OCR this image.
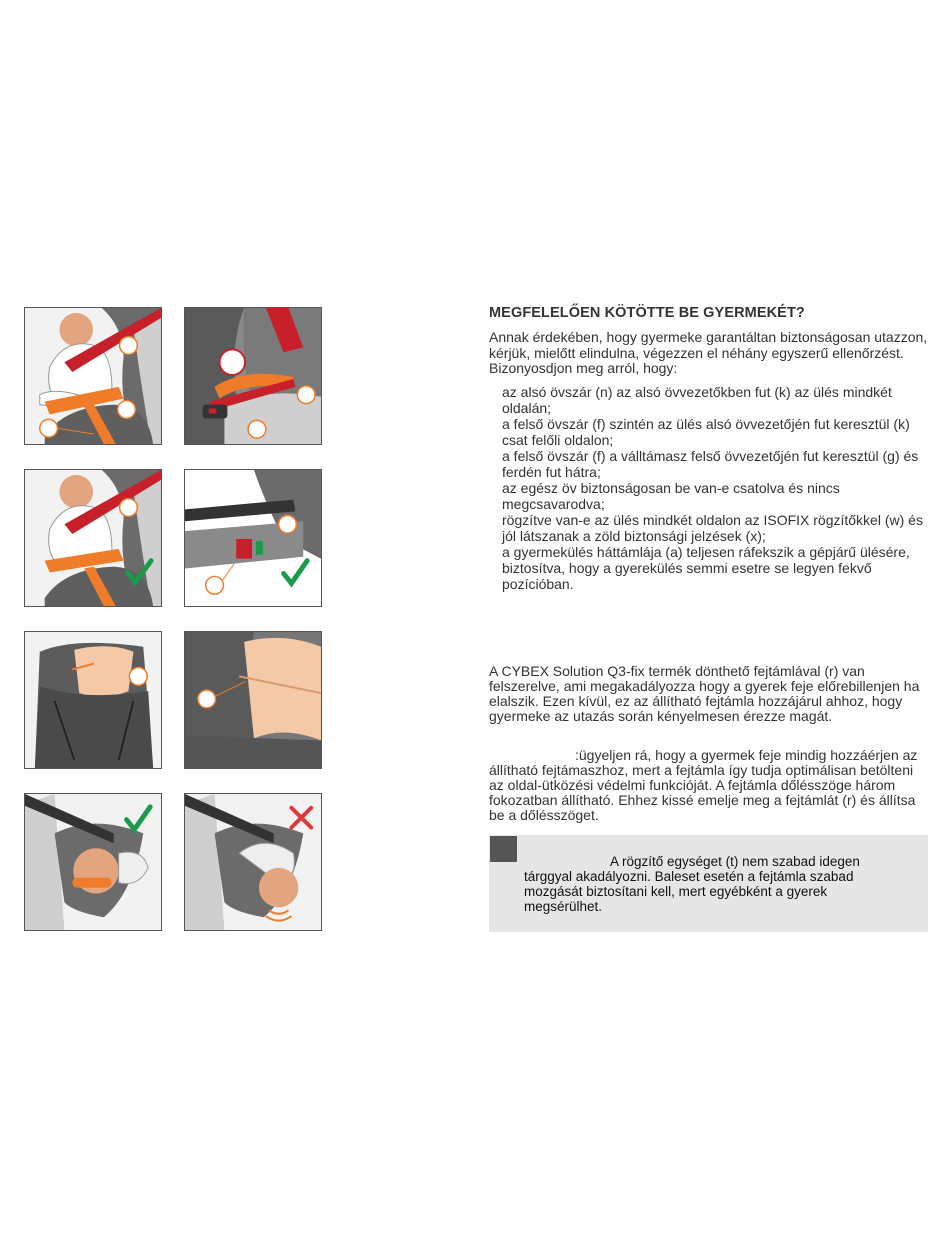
MEGFELELŐEN KÖTÖTTE BE GYERMEKÉT?
Annak érdekében, hogy gyermeke garantáltan biztonságosan utazzon, kérjük, mielőtt elindulna, végezzen el néhány egyszerű ellenőrzést. Bizonyosdjon meg arról, hogy:
az alsó övszár (n) az alsó övvezetőkben fut (k) az ülés mindkét oldalán;
a felső övszár (f) szintén az ülés alsó övvezetőjén fut keresztül (k) csat felőli oldalon;
a felső övszár (f) a válltámasz felső övvezetőjén fut keresztül (g) és ferdén fut hátra;
az egész öv biztonságosan be van-e csatolva és nincs megcsavarodva;
rögzítve van-e az ülés mindkét oldalon az ISOFIX rögzítőkkel (w) és jól látszanak a zöld biztonsági jelzések (x);
a gyermekülés háttámlája (a) teljesen ráfekszik a gépjárű ülésére, biztosítva, hogy a gyerekülés semmi esetre se legyen fekvő pozícióban.
A CYBEX Solution Q3-fix termék dönthető fejtámlával (r) van felszerelve, ami megakadályozza hogy a gyerek feje előrebillenjen ha elalszik. Ezen kívül, ez az állítható fejtámla hozzájárul ahhoz, hogy gyermeke az utazás során kényelmesen érezze magát.
:ügyeljen rá, hogy a gyermek feje mindig hozzáérjen az állítható fejtámaszhoz, mert a fejtámla így tudja optimálisan betölteni az oldal-ütközési védelmi funkcióját. A fejtámla dőlésszöge három fokozatban állítható. Ehhez kissé emelje meg a fejtámlát (r) és állítsa be a dőlésszöget.
A rögzítő egységet (t) nem szabad idegen tárggyal akadályozni. Baleset esetén a fejtámla szabad mozgását biztosítani kell, mert egyébként a gyerek megsérülhet.
